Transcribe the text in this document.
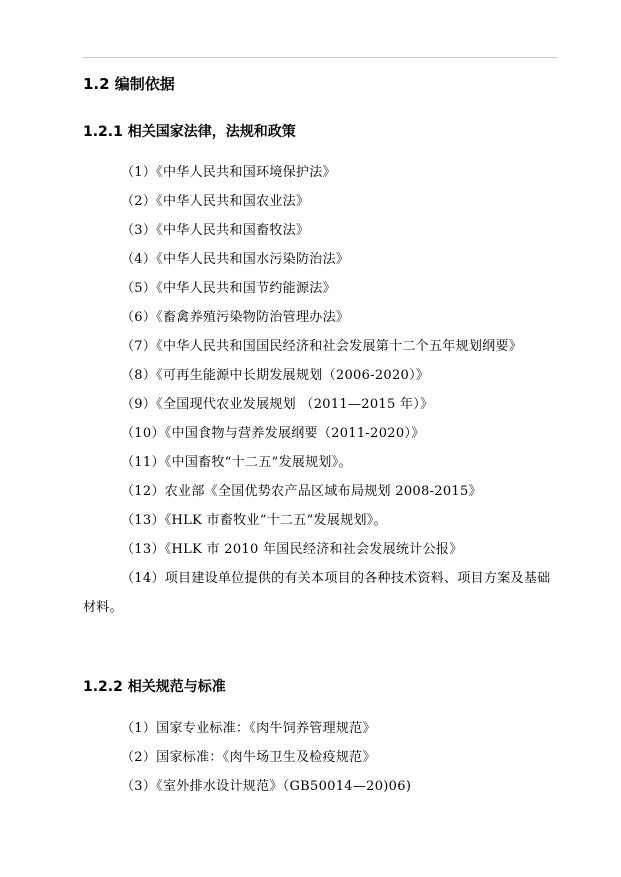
1.2 编制依据
1.2.1 相关国家法律，法规和政策
（1）《中华人民共和国环境保护法》
（2）《中华人民共和国农业法》
（3）《中华人民共和国畜牧法》
（4）《中华人民共和国水污染防治法》
（5）《中华人民共和国节约能源法》
（6）《畜禽养殖污染物防治管理办法》
（7）《中华人民共和国国民经济和社会发展第十二个五年规划纲要》
（8）《可再生能源中长期发展规划（2006-2020）》
（9）《全国现代农业发展规划 （2011—2015 年）》
（10）《中国食物与营养发展纲要（2011-2020）》
（11）《中国畜牧“十二五”发展规划》。
（12）农业部《全国优势农产品区域布局规划 2008-2015》
（13）《HLK 市畜牧业“十二五”发展规划》。
（13）《HLK 市 2010 年国民经济和社会发展统计公报》
（14）项目建设单位提供的有关本项目的各种技术资料、项目方案及基础材料。
1.2.2 相关规范与标准
（1）国家专业标准：《肉牛饲养管理规范》
（2）国家标准：《肉牛场卫生及检疫规范》
（3）《室外排水设计规范》（GB50014—20)06)
